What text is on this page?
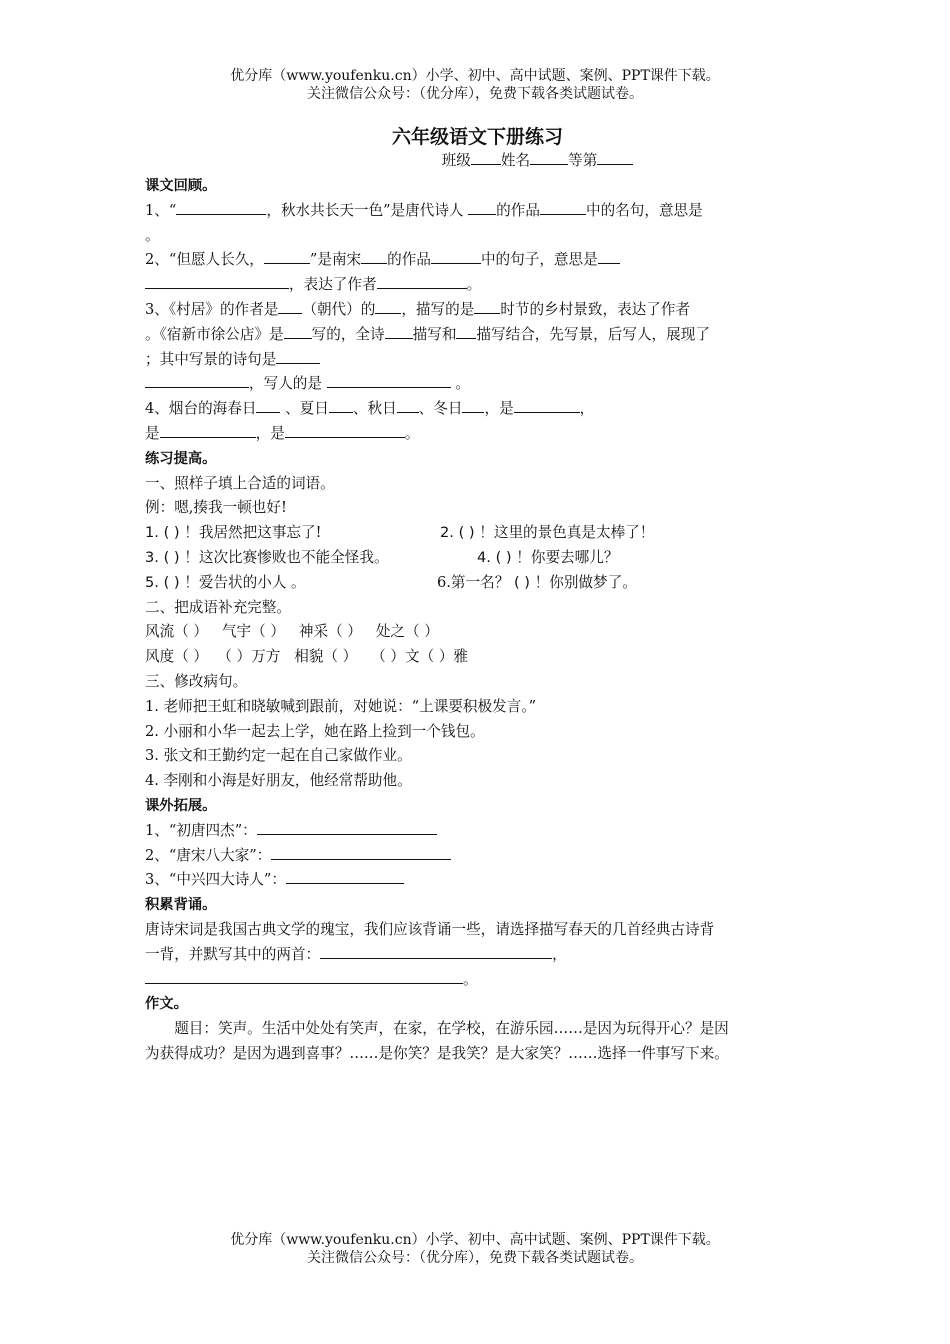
优分库（www.youfenku.cn）小学、初中、高中试题、案例、PPT课件下载。

关注微信公众号：（优分库），免费下载各类试题试卷。

六年级语文下册练习

班级 姓名	等第

课文回顾。

1、“	，秋水共长天一色”是唐代诗人 的作品	中的名句，意思是

。

2、“但愿人长久，	”是南宋 的作品	中的句子，意思是

，表达了作者	。

3、《村居》的作者是 （朝代）的 ，描写的是 时节的乡村景致，表达了作者

。《宿新市徐公店》是 写的，全诗 描写和 描写结合，先写景，后写人，展现了

；其中写景的诗句是

，写人的是	。

4、烟台的海春日 、夏日 、秋日 、冬日 ，是	，

是	，是	。

练习提高。

一、照样子填上合适的词语。

例：嗯,揍我一顿也好!

1. ( ) ！我居然把这事忘了!	2. ( ) ！这里的景色真是太棒了！

3. ( ) ！这次比赛惨败也不能全怪我。	4. ( ) ！你要去哪儿？

5. ( ) ！爱告状的小人 。	6.第一名？ ( ) ！你别做梦了。

二、把成语补充完整。

风流（ ） 气宇（ ） 神采（ ） 处之（ ）

风度（ ） （ ）万方 相貌（ ） （ ）文（ ）雅

三、修改病句。

1. 老师把王虹和晓敏喊到跟前，对她说：“上课要积极发言。”

2. 小丽和小华一起去上学，她在路上捡到一个钱包。

3. 张文和王勤约定一起在自己家做作业。

4. 李刚和小海是好朋友，他经常帮助他。

课外拓展。

1、“初唐四杰”：

2、“唐宋八大家”：

3、“中兴四大诗人”：

积累背诵。

唐诗宋词是我国古典文学的瑰宝，我们应该背诵一些，请选择描写春天的几首经典古诗背

一背，并默写其中的两首：	，

。

作文。

题目：笑声。生活中处处有笑声，在家，在学校，在游乐园……是因为玩得开心？是因

为获得成功？是因为遇到喜事？……是你笑？是我笑？是大家笑？……选择一件事写下来。

优分库（www.youfenku.cn）小学、初中、高中试题、案例、PPT课件下载。

关注微信公众号：（优分库），免费下载各类试题试卷。
